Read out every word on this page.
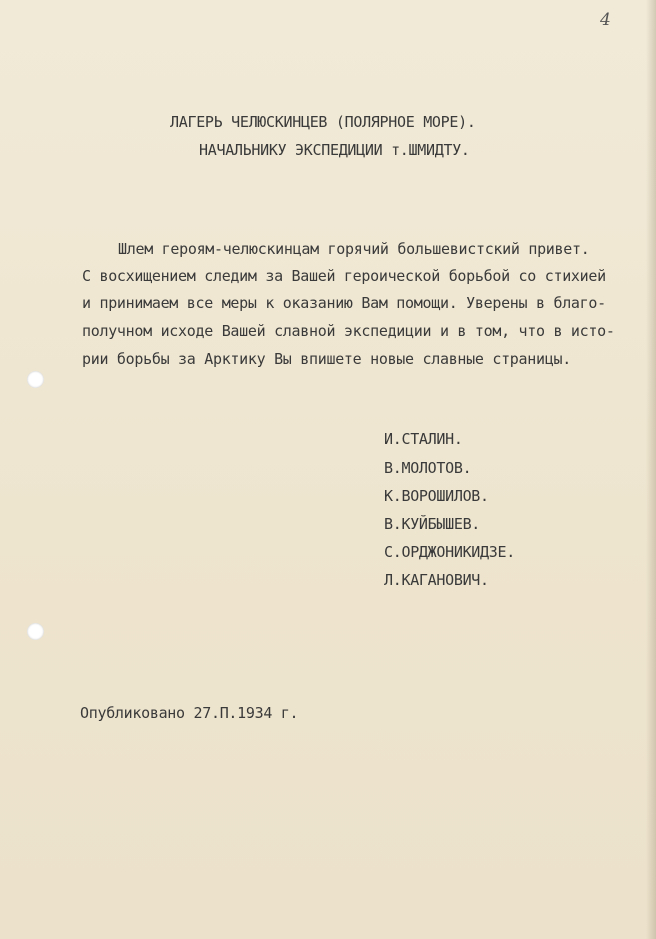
4

ЛАГЕРЬ ЧЕЛЮСКИНЦЕВ (ПОЛЯРНОЕ МОРЕ).

НАЧАЛЬНИКУ ЭКСПЕДИЦИИ т.ШМИДТУ.

Шлем героям-челюскинцам горячий большевистский привет.

С восхищением следим за Вашей героической борьбой со стихией

и принимаем все меры к оказанию Вам помощи. Уверены в благо-

получном исходе Вашей славной экспедиции и в том, что в исто-

рии борьбы за Арктику Вы впишете новые славные страницы.

И.СТАЛИН.

В.МОЛОТОВ.

К.ВОРОШИЛОВ.

В.КУЙБЫШЕВ.

С.ОРДЖОНИКИДЗЕ.

Л.КАГАНОВИЧ.

Опубликовано 27.П.1934 г.
